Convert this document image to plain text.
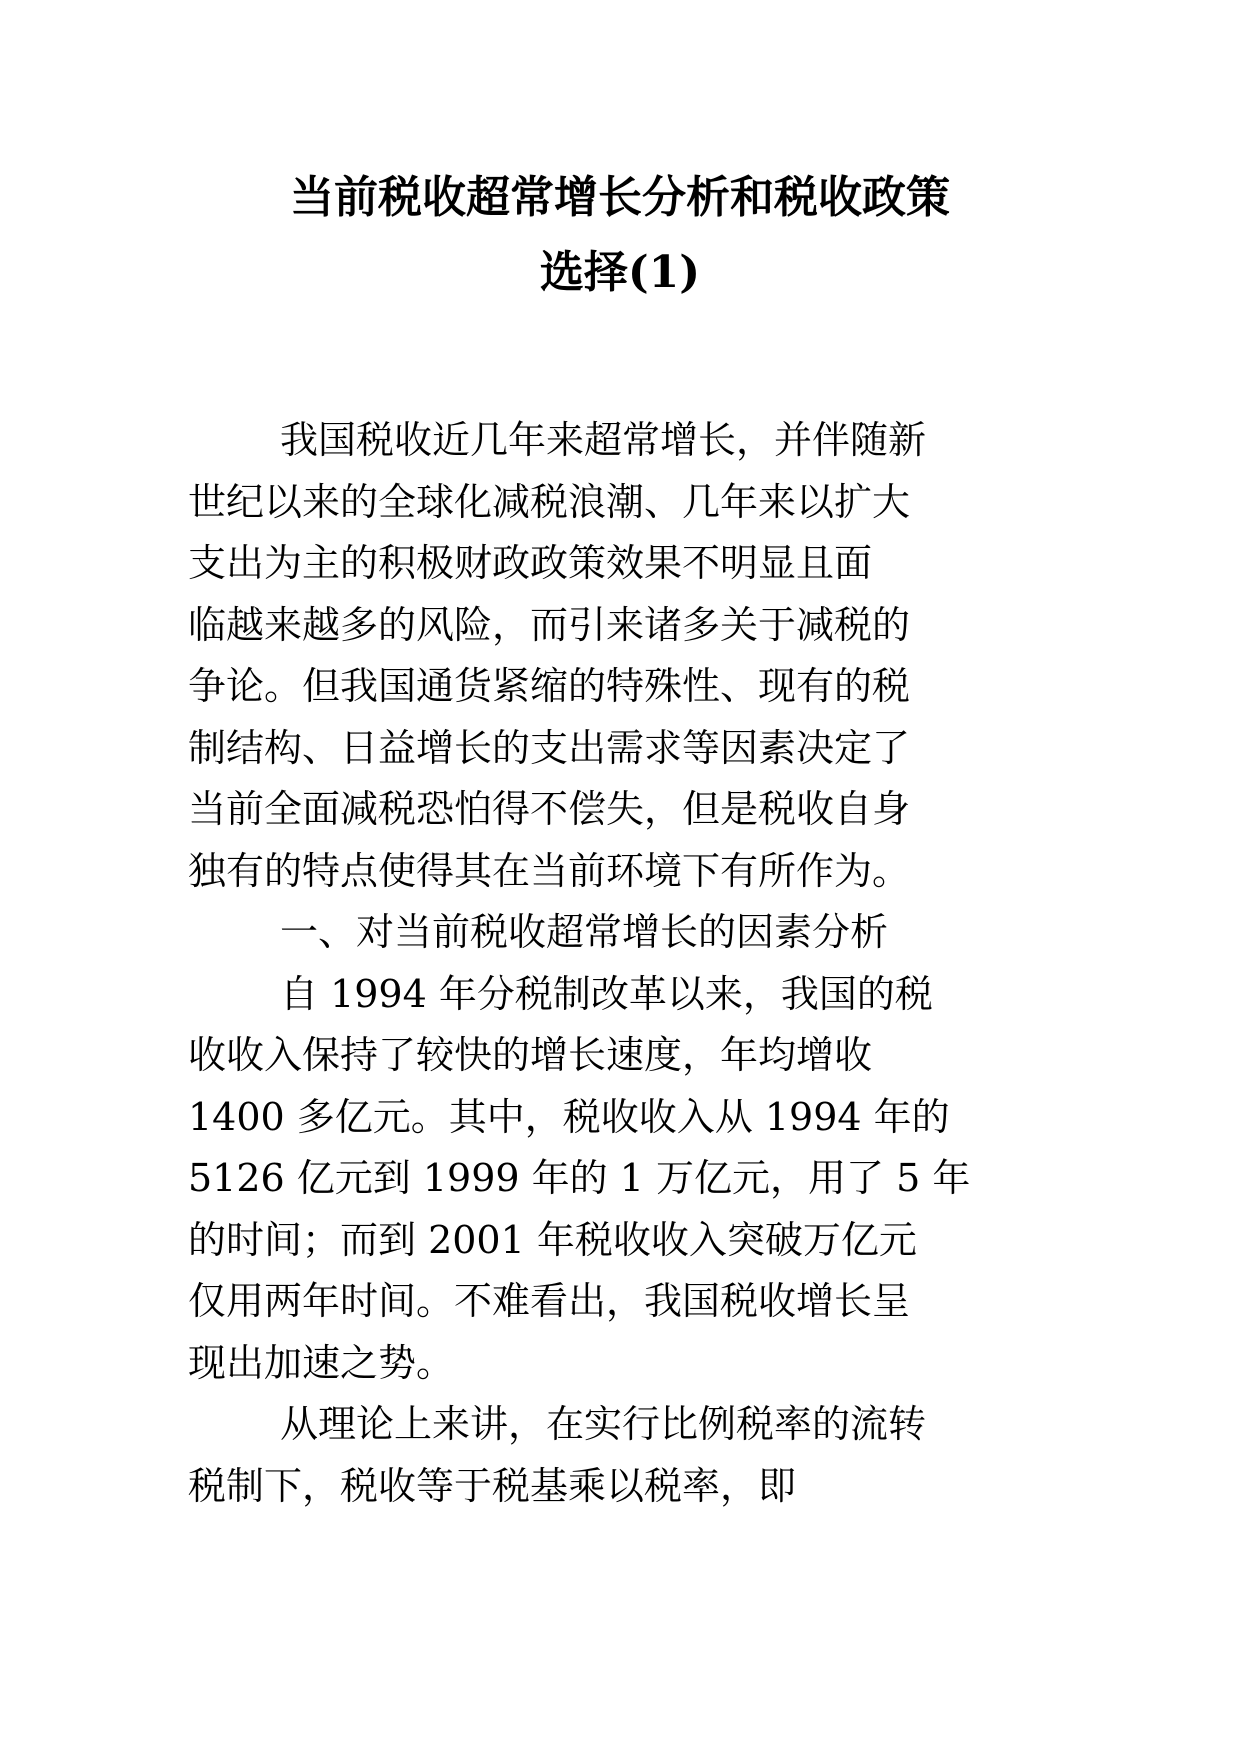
当前税收超常增长分析和税收政策
选择(1)
我国税收近几年来超常增长，并伴随新
世纪以来的全球化减税浪潮、几年来以扩大
支出为主的积极财政政策效果不明显且面
临越来越多的风险，而引来诸多关于减税的
争论。但我国通货紧缩的特殊性、现有的税
制结构、日益增长的支出需求等因素决定了
当前全面减税恐怕得不偿失，但是税收自身
独有的特点使得其在当前环境下有所作为。
一、对当前税收超常增长的因素分析
自 1994 年分税制改革以来，我国的税
收收入保持了较快的增长速度，年均增收
1400 多亿元。其中，税收收入从 1994 年的
5126 亿元到 1999 年的 1 万亿元，用了 5 年
的时间；而到 2001 年税收收入突破万亿元
仅用两年时间。不难看出，我国税收增长呈
现出加速之势。
从理论上来讲，在实行比例税率的流转
税制下，税收等于税基乘以税率，即
